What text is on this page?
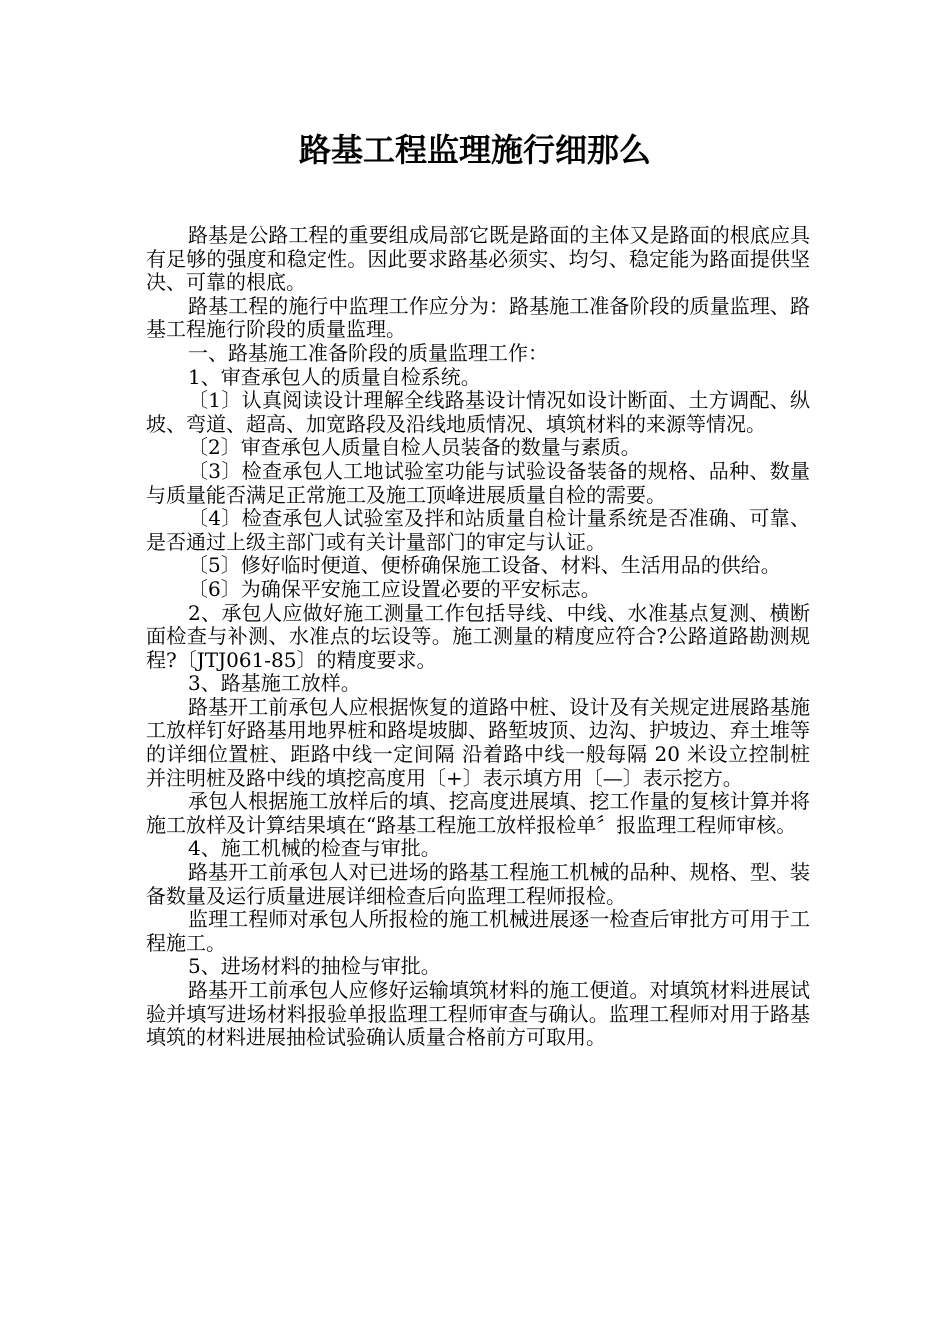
路基工程监理施行细那么

路基是公路工程的重要组成局部它既是路面的主体又是路面的根底应具有足够的强度和稳定性。因此要求路基必须实、均匀、稳定能为路面提供坚决、可靠的根底。

路基工程的施行中监理工作应分为：路基施工准备阶段的质量监理、路基工程施行阶段的质量监理。

一、路基施工准备阶段的质量监理工作：

1、审查承包人的质量自检系统。

〔1〕认真阅读设计理解全线路基设计情况如设计断面、土方调配、纵坡、弯道、超高、加宽路段及沿线地质情况、填筑材料的来源等情况。

〔2〕审查承包人质量自检人员装备的数量与素质。

〔3〕检查承包人工地试验室功能与试验设备装备的规格、品种、数量与质量能否满足正常施工及施工顶峰进展质量自检的需要。

〔4〕检查承包人试验室及拌和站质量自检计量系统是否准确、可靠、是否通过上级主部门或有关计量部门的审定与认证。

〔5〕修好临时便道、便桥确保施工设备、材料、生活用品的供给。

〔6〕为确保平安施工应设置必要的平安标志。

2、承包人应做好施工测量工作包括导线、中线、水准基点复测、横断面检查与补测、水准点的坛设等。施工测量的精度应符合?公路道路勘测规程?〔JTJ061-85〕的精度要求。

3、路基施工放样。

路基开工前承包人应根据恢复的道路中桩、设计及有关规定进展路基施工放样钉好路基用地界桩和路堤坡脚、路堑坡顶、边沟、护坡边、弃土堆等的详细位置桩、距路中线一定间隔 沿着路中线一般每隔 20 米设立控制桩并注明桩及路中线的填挖高度用〔+〕表示填方用〔—〕表示挖方。

承包人根据施工放样后的填、挖高度进展填、挖工作量的复核计算并将施工放样及计算结果填在“路基工程施工放样报检单〞报监理工程师审核。

4、施工机械的检查与审批。

路基开工前承包人对已进场的路基工程施工机械的品种、规格、型、装备数量及运行质量进展详细检查后向监理工程师报检。

监理工程师对承包人所报检的施工机械进展逐一检查后审批方可用于工程施工。

5、进场材料的抽检与审批。

路基开工前承包人应修好运输填筑材料的施工便道。对填筑材料进展试验并填写进场材料报验单报监理工程师审查与确认。监理工程师对用于路基填筑的材料进展抽检试验确认质量合格前方可取用。
